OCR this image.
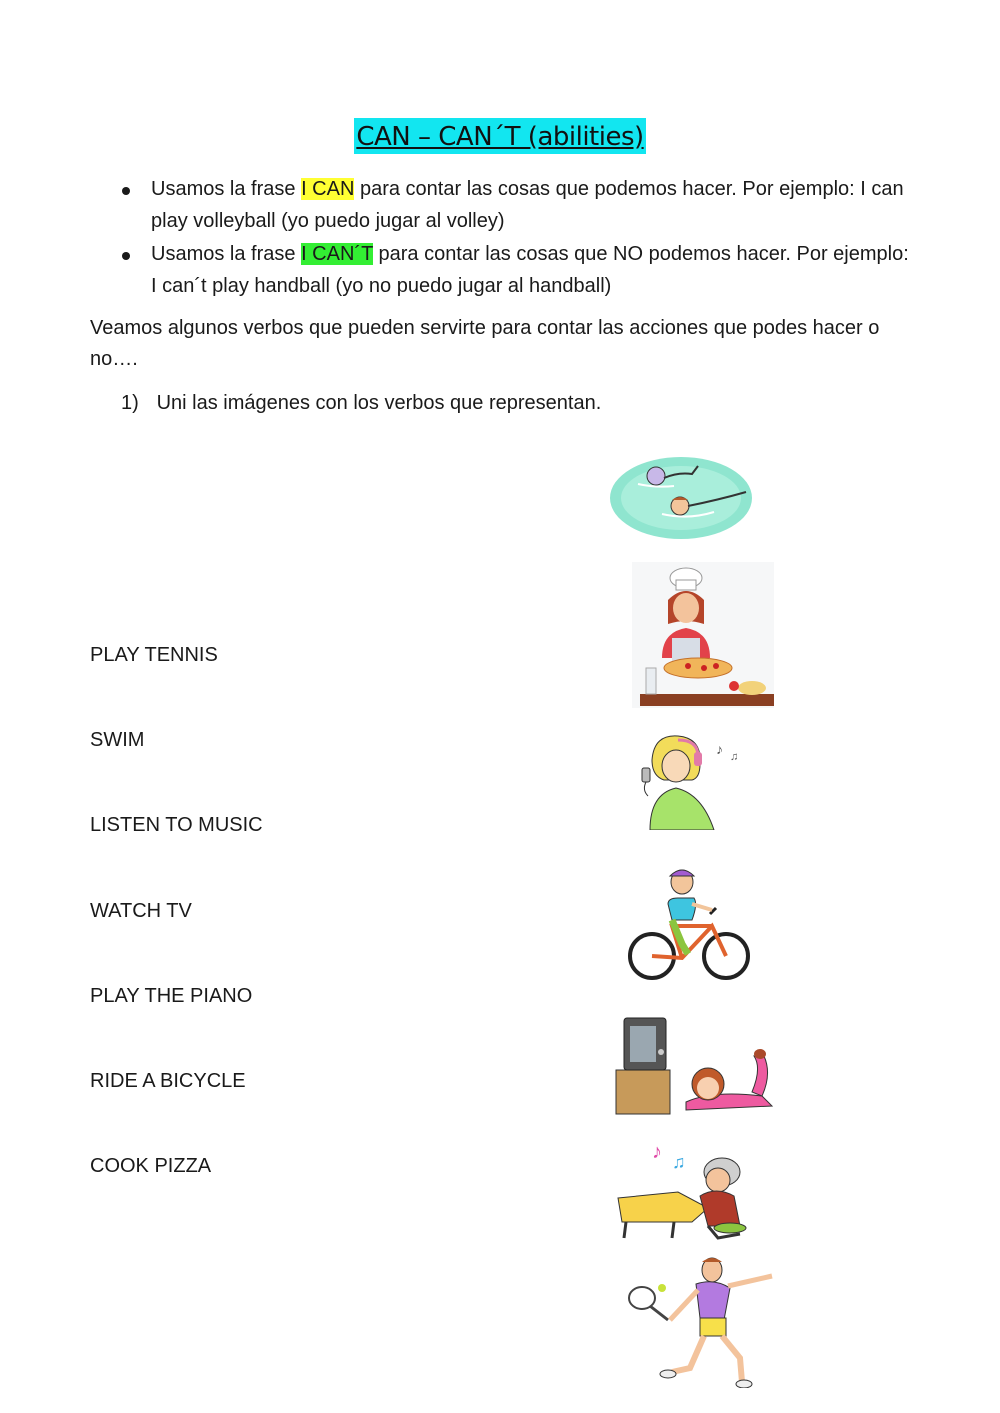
CAN – CAN´T (abilities)
Usamos la frase I CAN para contar las cosas que podemos hacer. Por ejemplo: I can play volleyball (yo puedo jugar al volley)
Usamos la frase I CAN´T para contar las cosas que NO podemos hacer. Por ejemplo: I can´t play handball (yo no puedo jugar al handball)

Veamos algunos verbos que pueden servirte para contar las acciones que podes hacer o no….

1) Uni las imágenes con los verbos que representan.
PLAY TENNIS
SWIM
LISTEN TO MUSIC
WATCH TV
PLAY THE PIANO
RIDE A BICYCLE
COOK PIZZA
♪ ♫
♪ ♫
